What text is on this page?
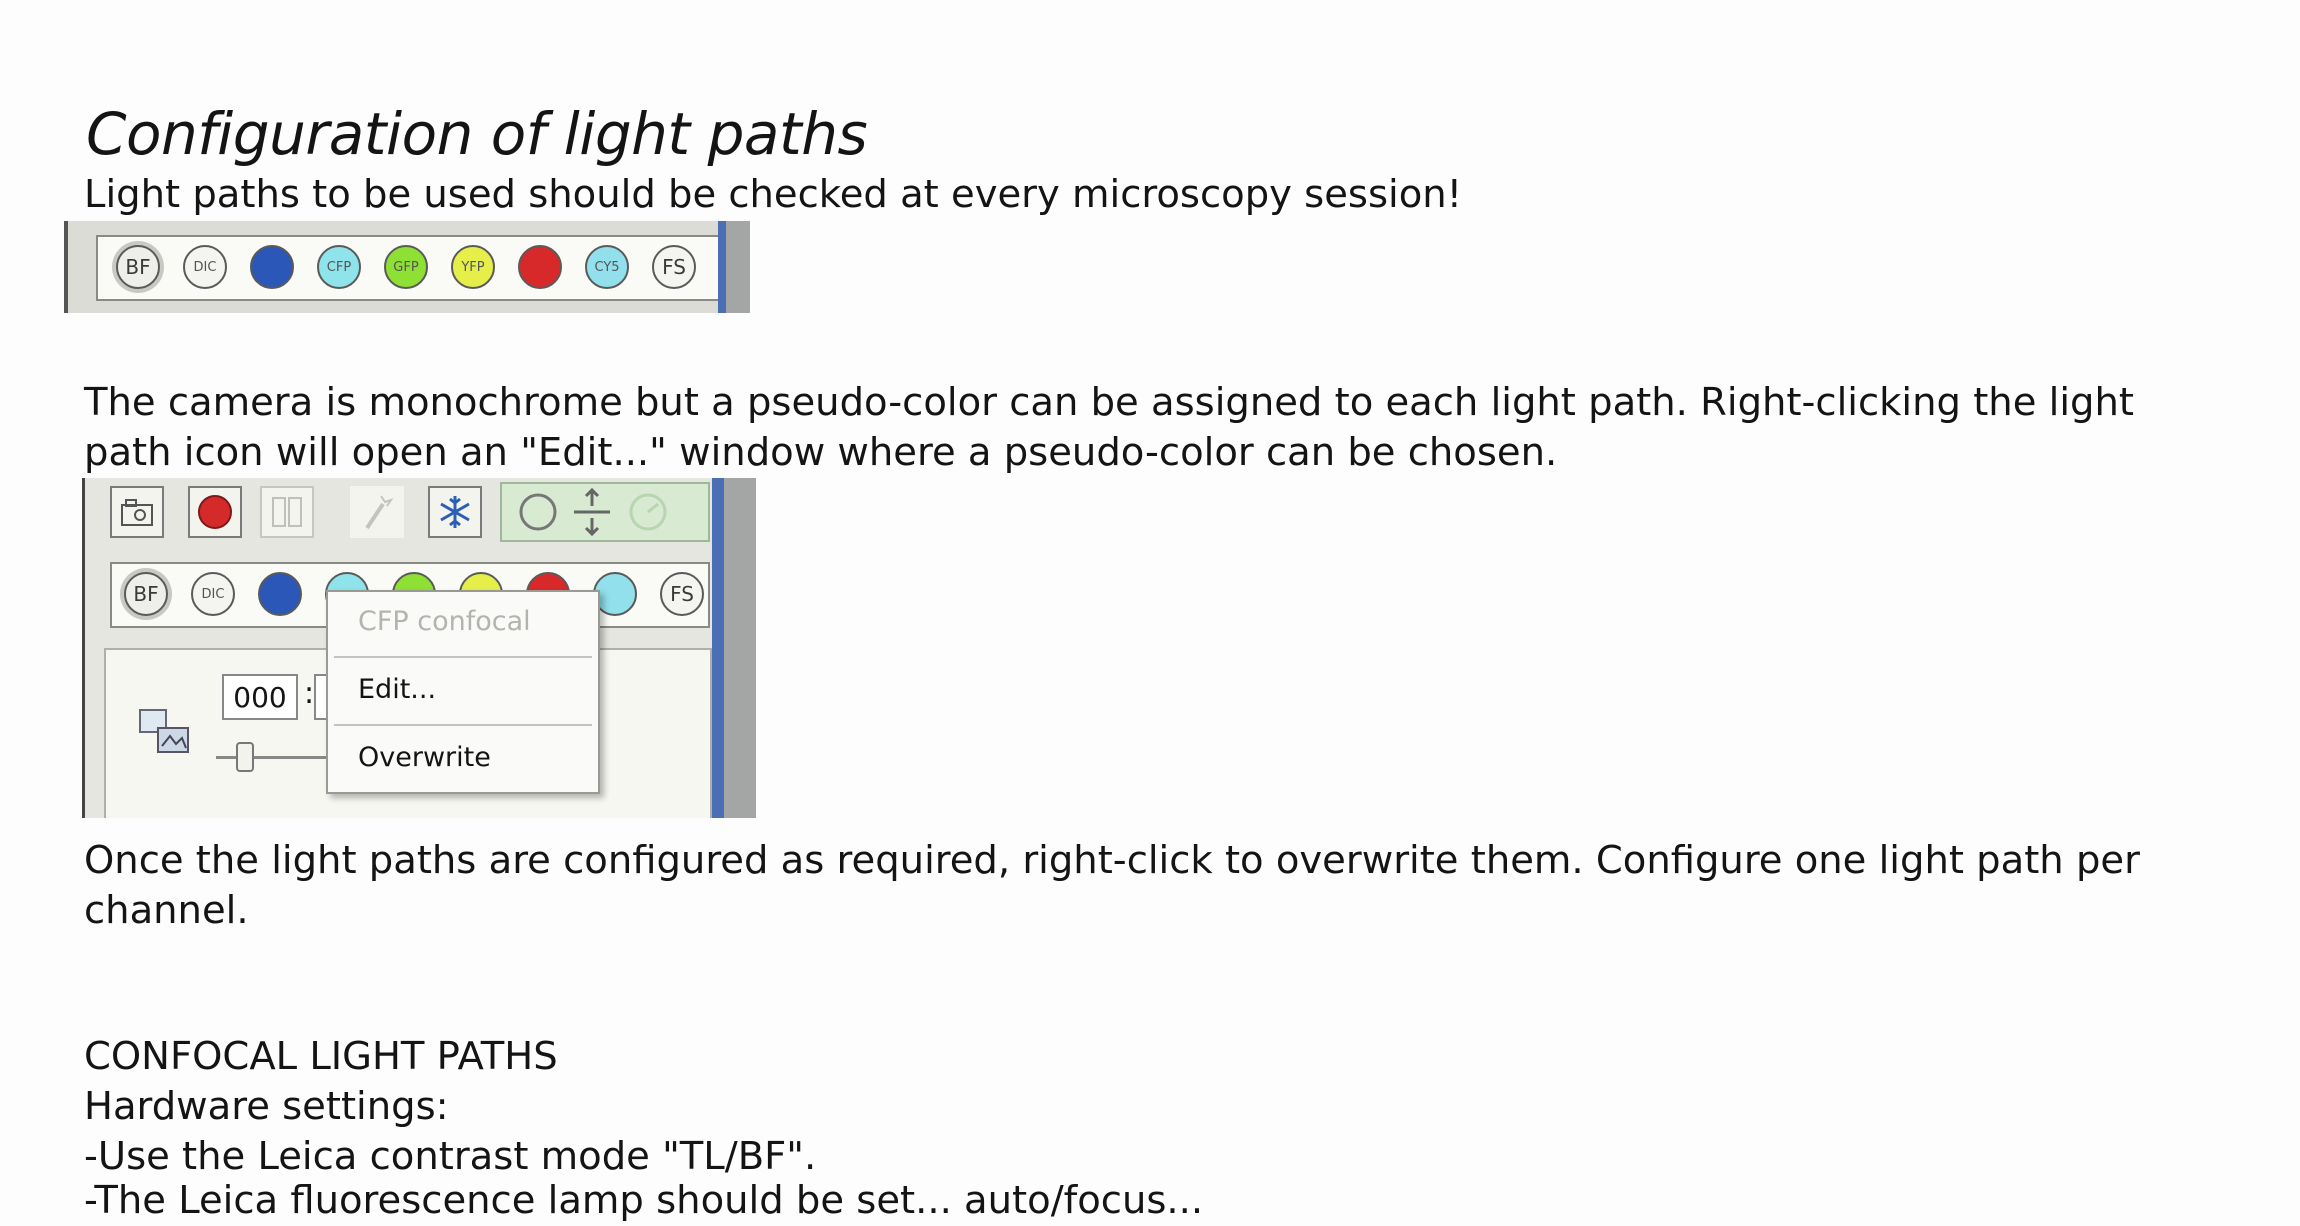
Configuration of light paths
Light paths to be used should be checked at every microscopy session!
BF	DIC	CFP	GFP	YFP	CY5 FS
The camera is monochrome but a pseudo-color can be assigned to each light path. Right-clicking the light
path icon will open an "Edit..." window where a pseudo-color can be chosen.
000 :
BF	DIC	FS
CFP confocal
Edit...
Overwrite
Once the light paths are configured as required, right-click to overwrite them. Configure one light path per
channel.
CONFOCAL LIGHT PATHS
Hardware settings:
-Use the Leica contrast mode "TL/BF".
-The Leica fluorescence lamp should be set... auto/focus...
